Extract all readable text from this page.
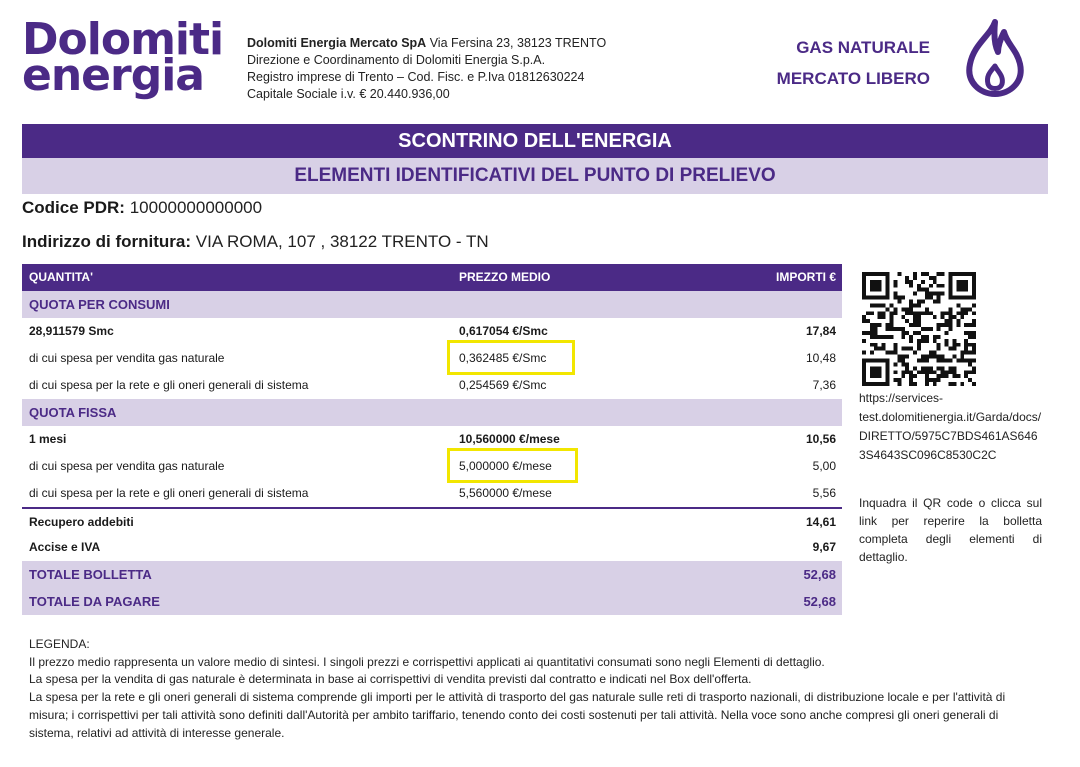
Dolomiti
energia
Dolomiti Energia Mercato SpA Via Fersina 23, 38123 TRENTO
Direzione e Coordinamento di Dolomiti Energia S.p.A.
Registro imprese di Trento – Cod. Fisc. e P.Iva 01812630224
Capitale Sociale i.v. € 20.440.936,00
GAS NATURALE
MERCATO LIBERO
SCONTRINO DELL'ENERGIA
ELEMENTI IDENTIFICATIVI DEL PUNTO DI PRELIEVO
Codice PDR: 10000000000000
Indirizzo di fornitura: VIA ROMA, 107 , 38122 TRENTO - TN
QUANTITA'	PREZZO MEDIO	IMPORTI €
QUOTA PER CONSUMI
28,911579 Smc	0,617054 €/Smc	17,84
di cui spesa per vendita gas naturale	0,362485 €/Smc	10,48
di cui spesa per la rete e gli oneri generali di sistema	0,254569 €/Smc	7,36
QUOTA FISSA
1 mesi	10,560000 €/mese	10,56
di cui spesa per vendita gas naturale	5,000000 €/mese	5,00
di cui spesa per la rete e gli oneri generali di sistema	5,560000 €/mese	5,56
Recupero addebiti	14,61
Accise e IVA	9,67
TOTALE BOLLETTA	52,68
TOTALE DA PAGARE	52,68
https://services-test.dolomitienergia.it/Garda/docs/DIRETTO/5975C7BDS461AS6463S4643SC096C8530C2C
Inquadra il QR code o clicca sul link per reperire la bolletta completa degli elementi di dettaglio.
LEGENDA:
Il prezzo medio rappresenta un valore medio di sintesi. I singoli prezzi e corrispettivi applicati ai quantitativi consumati sono negli Elementi di dettaglio.
La spesa per la vendita di gas naturale è determinata in base ai corrispettivi di vendita previsti dal contratto e indicati nel Box dell'offerta.
La spesa per la rete e gli oneri generali di sistema comprende gli importi per le attività di trasporto del gas naturale sulle reti di trasporto nazionali, di distribuzione locale e per l'attività di misura; i corrispettivi per tali attività sono definiti dall'Autorità per ambito tariffario, tenendo conto dei costi sostenuti per tali attività. Nella voce sono anche compresi gli oneri generali di sistema, relativi ad attività di interesse generale.
